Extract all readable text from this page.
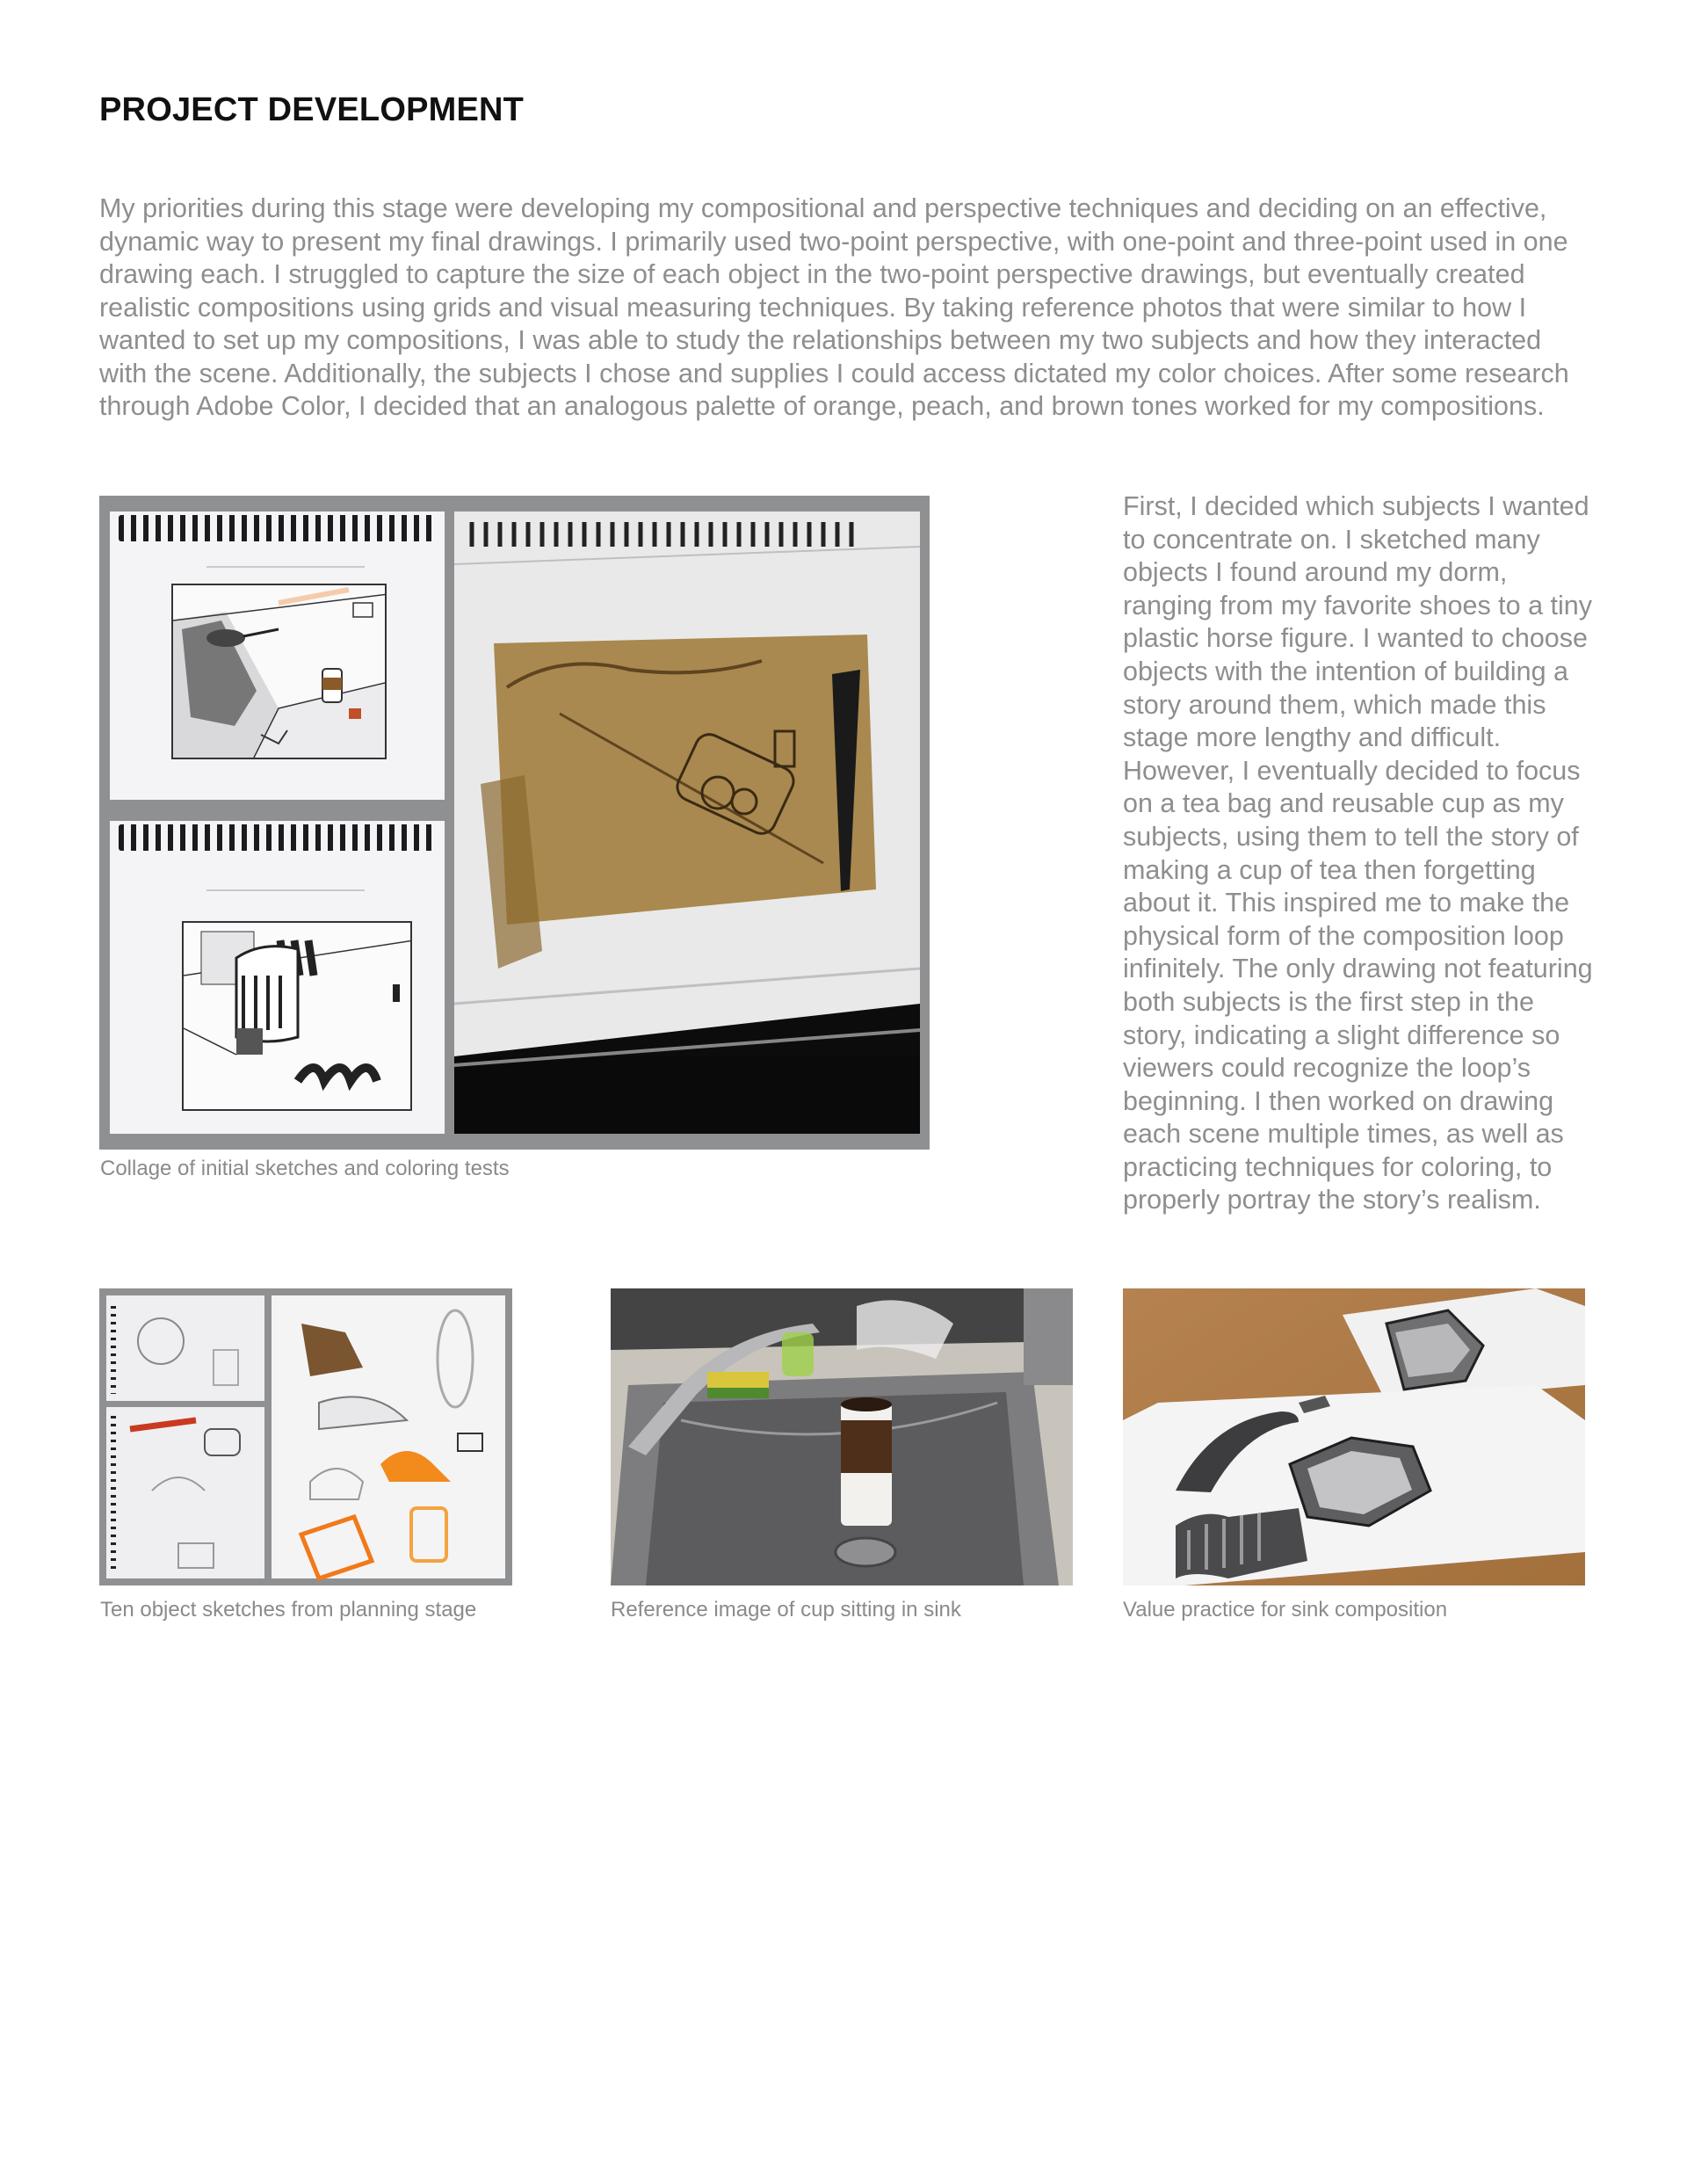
PROJECT DEVELOPMENT

My priorities during this stage were developing my compositional and perspective techniques and deciding on an effective, dynamic way to present my final drawings. I primarily used two-point perspective, with one-point and three-point used in one drawing each. I struggled to capture the size of each object in the two-point perspective drawings, but eventually created realistic compositions using grids and visual measuring techniques. By taking reference photos that were similar to how I wanted to set up my compositions, I was able to study the relationships between my two subjects and how they interacted with the scene. Additionally, the subjects I chose and supplies I could access dictated my color choices. After some research through Adobe Color, I decided that an analogous palette of orange, peach, and brown tones worked for my compositions.

Collage of initial sketches and coloring tests

First, I decided which subjects I wanted to concentrate on. I sketched many objects I found around my dorm, ranging from my favorite shoes to a tiny plastic horse figure. I wanted to choose objects with the intention of building a story around them, which made this stage more lengthy and difficult. However, I eventually decided to focus on a tea bag and reusable cup as my subjects, using them to tell the story of making a cup of tea then forgetting about it. This inspired me to make the physical form of the composition loop infinitely. The only drawing not featuring both subjects is the first step in the story, indicating a slight difference so viewers could recognize the loop’s beginning. I then worked on drawing each scene multiple times, as well as practicing techniques for coloring, to properly portray the story’s realism.

Ten object sketches from planning stage	Reference image of cup sitting in sink	Value practice for sink composition
